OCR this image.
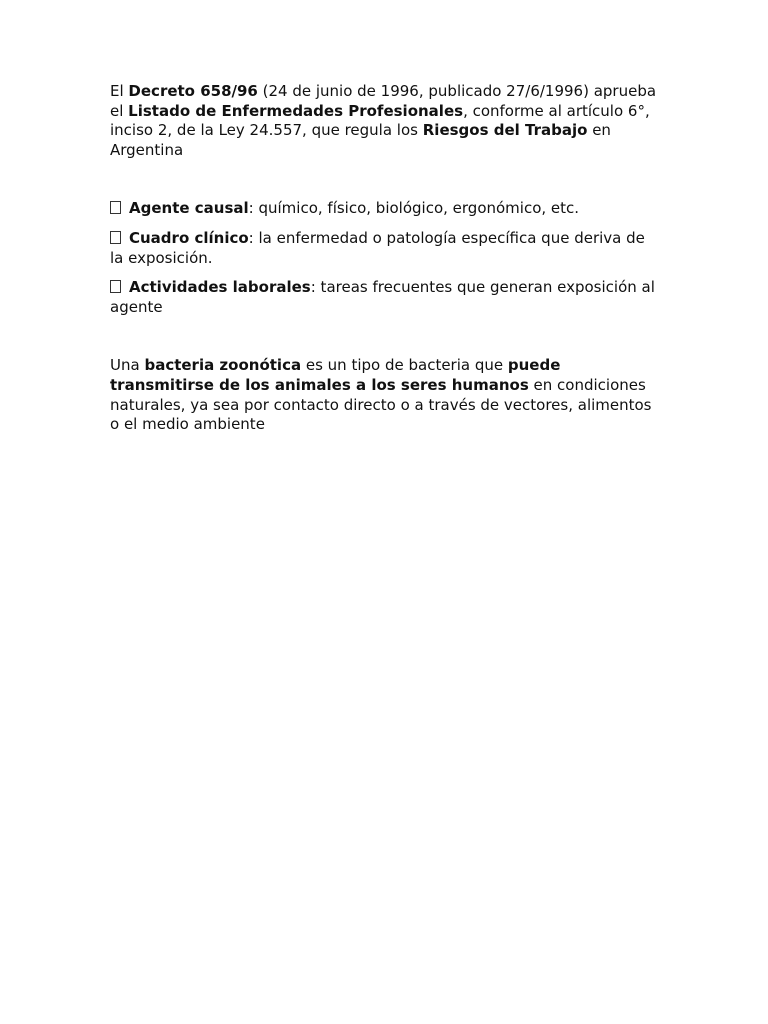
El Decreto 658/96 (24 de junio de 1996, publicado 27/6/1996) aprueba el Listado de Enfermedades Profesionales, conforme al artículo 6°, inciso 2, de la Ley 24.557, que regula los Riesgos del Trabajo en Argentina

Agente causal: químico, físico, biológico, ergonómico, etc.

Cuadro clínico: la enfermedad o patología específica que deriva de la exposición.

Actividades laborales: tareas frecuentes que generan exposición al agente

Una bacteria zoonótica es un tipo de bacteria que puede transmitirse de los animales a los seres humanos en condiciones naturales, ya sea por contacto directo o a través de vectores, alimentos o el medio ambiente
